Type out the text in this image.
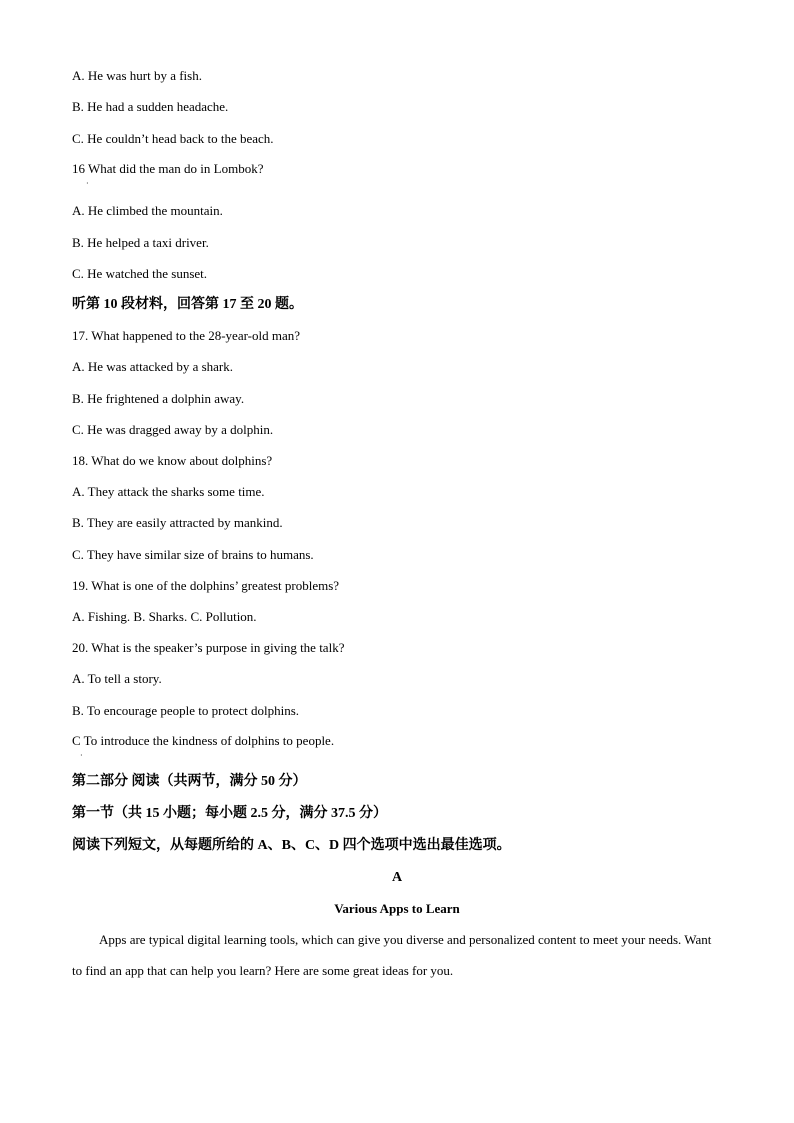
A. He was hurt by a fish.
B. He had a sudden headache.
C. He couldn’t head back to the beach.
16 What did the man do in Lombok?
·
A. He climbed the mountain.
B. He helped a taxi driver.
C. He watched the sunset.
听第 10 段材料，回答第 17 至 20 题。
17. What happened to the 28-year-old man?
A. He was attacked by a shark.
B. He frightened a dolphin away.
C. He was dragged away by a dolphin.
18. What do we know about dolphins?
A. They attack the sharks some time.
B. They are easily attracted by mankind.
C. They have similar size of brains to humans.
19. What is one of the dolphins’ greatest problems?
A. Fishing. B. Sharks. C. Pollution.
20. What is the speaker’s purpose in giving the talk?
A. To tell a story.
B. To encourage people to protect dolphins.
C To introduce the kindness of dolphins to people.
·
第二部分 阅读（共两节，满分 50 分）
第一节（共 15 小题；每小题 2.5 分，满分 37.5 分）
阅读下列短文，从每题所给的 A、B、C、D 四个选项中选出最佳选项。
A
Various Apps to Learn
Apps are typical digital learning tools, which can give you diverse and personalized content to meet your needs. Want to find an app that can help you learn? Here are some great ideas for you.
